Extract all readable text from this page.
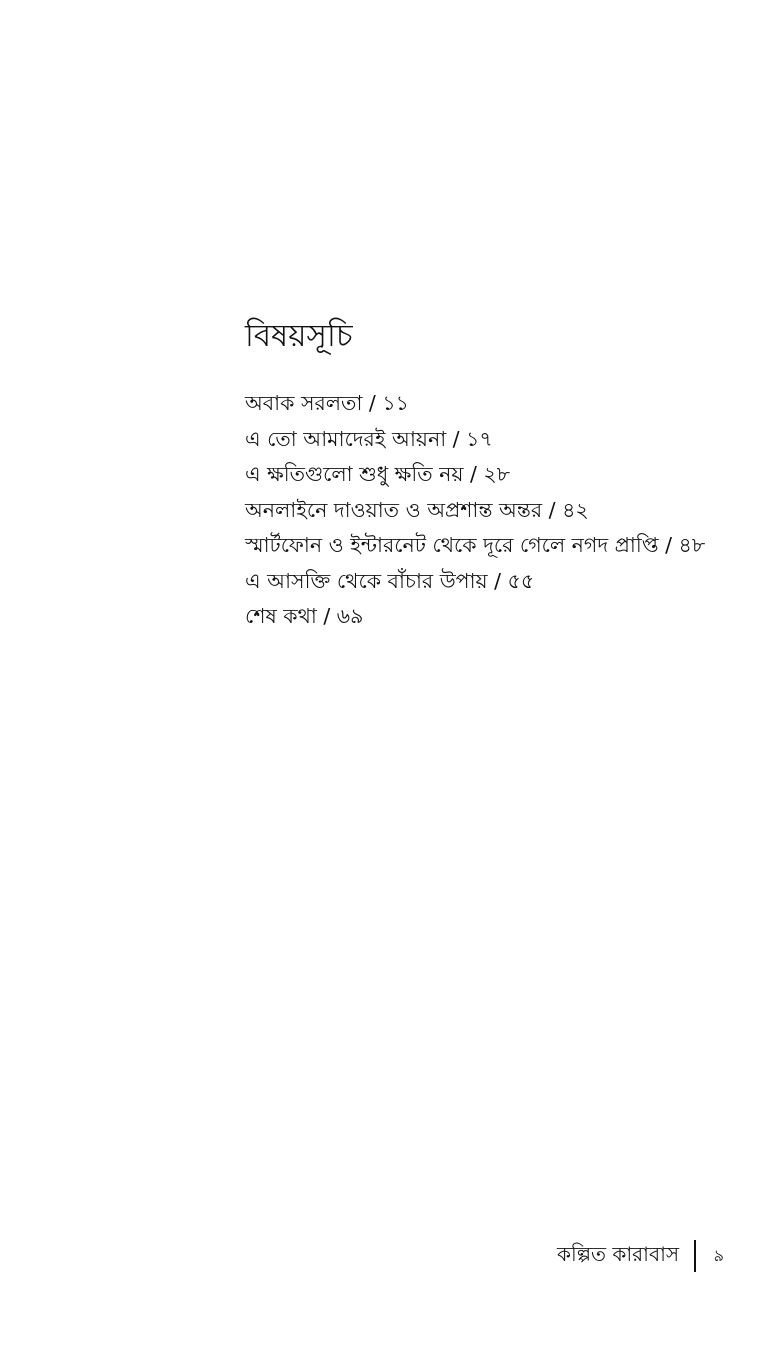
বিষয়সূচি
অবাক সরলতা / ১১
এ তো আমাদেরই আয়না / ১৭
এ ক্ষতিগুলো শুধু ক্ষতি নয় / ২৮
অনলাইনে দাওয়াত ও অপ্রশান্ত অন্তর / ৪২
স্মার্টফোন ও ইন্টারনেট থেকে দূরে গেলে নগদ প্রাপ্তি / ৪৮
এ আসক্তি থেকে বাঁচার উপায় / ৫৫
শেষ কথা / ৬৯
কল্পিত কারাবাস ৯
